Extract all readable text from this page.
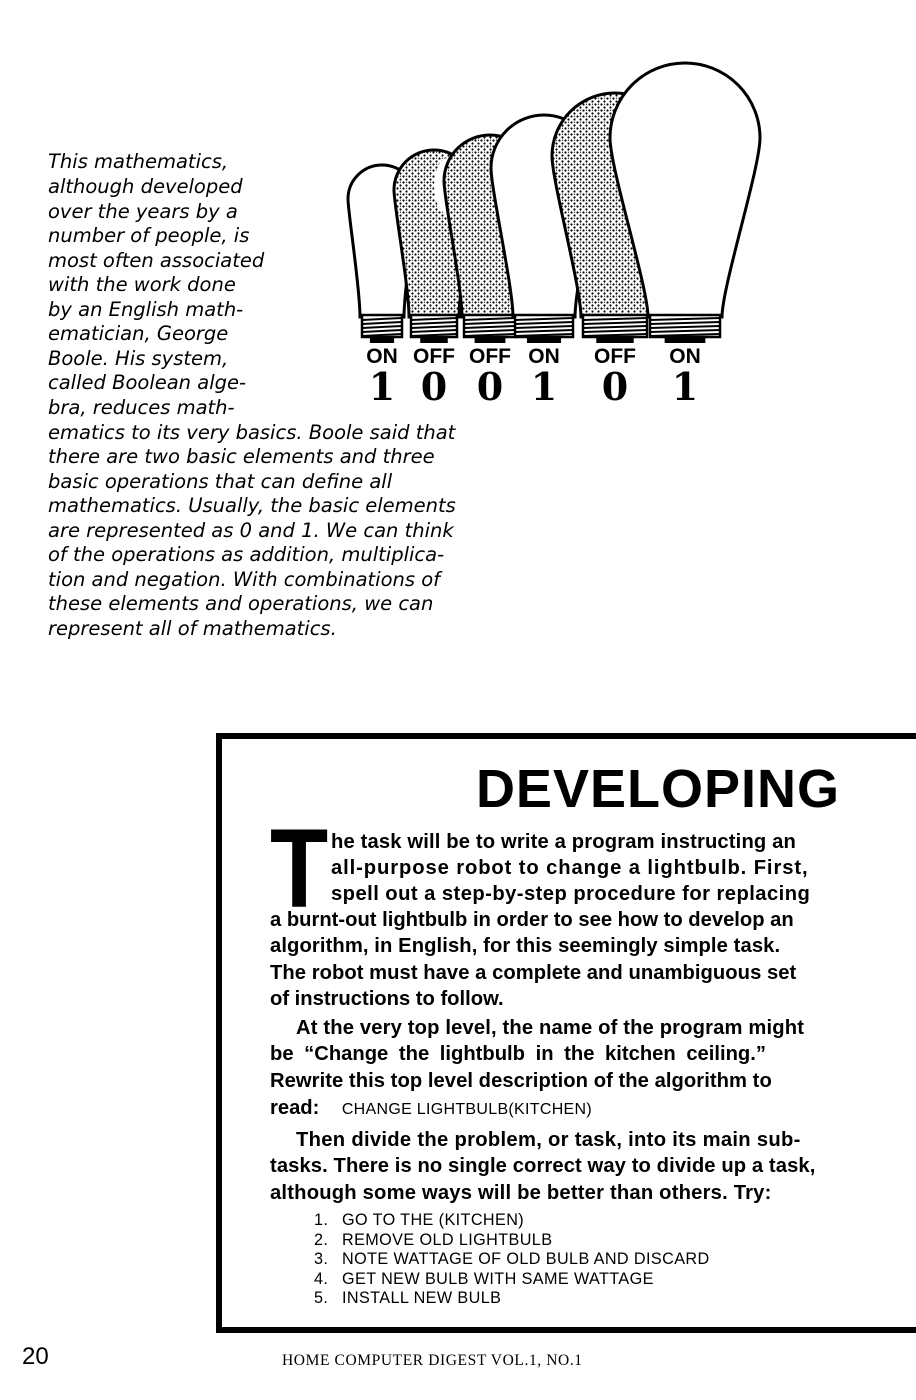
This mathematics,
although developed
over the years by a
number of people, is
most often associated
with the work done
by an English math-
ematician, George
Boole. His system,
called Boolean alge-
bra, reduces math-
ematics to its very basics. Boole said that
there are two basic elements and three
basic operations that can define all
mathematics. Usually, the basic elements
are represented as 0 and 1. We can think
of the operations as addition, multiplica-
tion and negation. With combinations of
these elements and operations, we can
represent all of mathematics.
ON
1
OFF
0
OFF
0
ON
1
OFF
0
ON
1
DEVELOPING
T he task will be to write a program instructing an
all-purpose robot to change a lightbulb. First,
spell out a step-by-step procedure for replacing
a burnt-out lightbulb in order to see how to develop an
algorithm, in English, for this seemingly simple task.
The robot must have a complete and unambiguous set
of instructions to follow.
At the very top level, the name of the program might
be “Change the lightbulb in the kitchen ceiling.”
Rewrite this top level description of the algorithm to
read: CHANGE LIGHTBULB(KITCHEN)
Then divide the problem, or task, into its main sub-
tasks. There is no single correct way to divide up a task,
although some ways will be better than others. Try:
1. GO TO THE (KITCHEN)
2. REMOVE OLD LIGHTBULB
3. NOTE WATTAGE OF OLD BULB AND DISCARD
4. GET NEW BULB WITH SAME WATTAGE
5. INSTALL NEW BULB
20	HOME COMPUTER DIGEST VOL.1, NO.1
